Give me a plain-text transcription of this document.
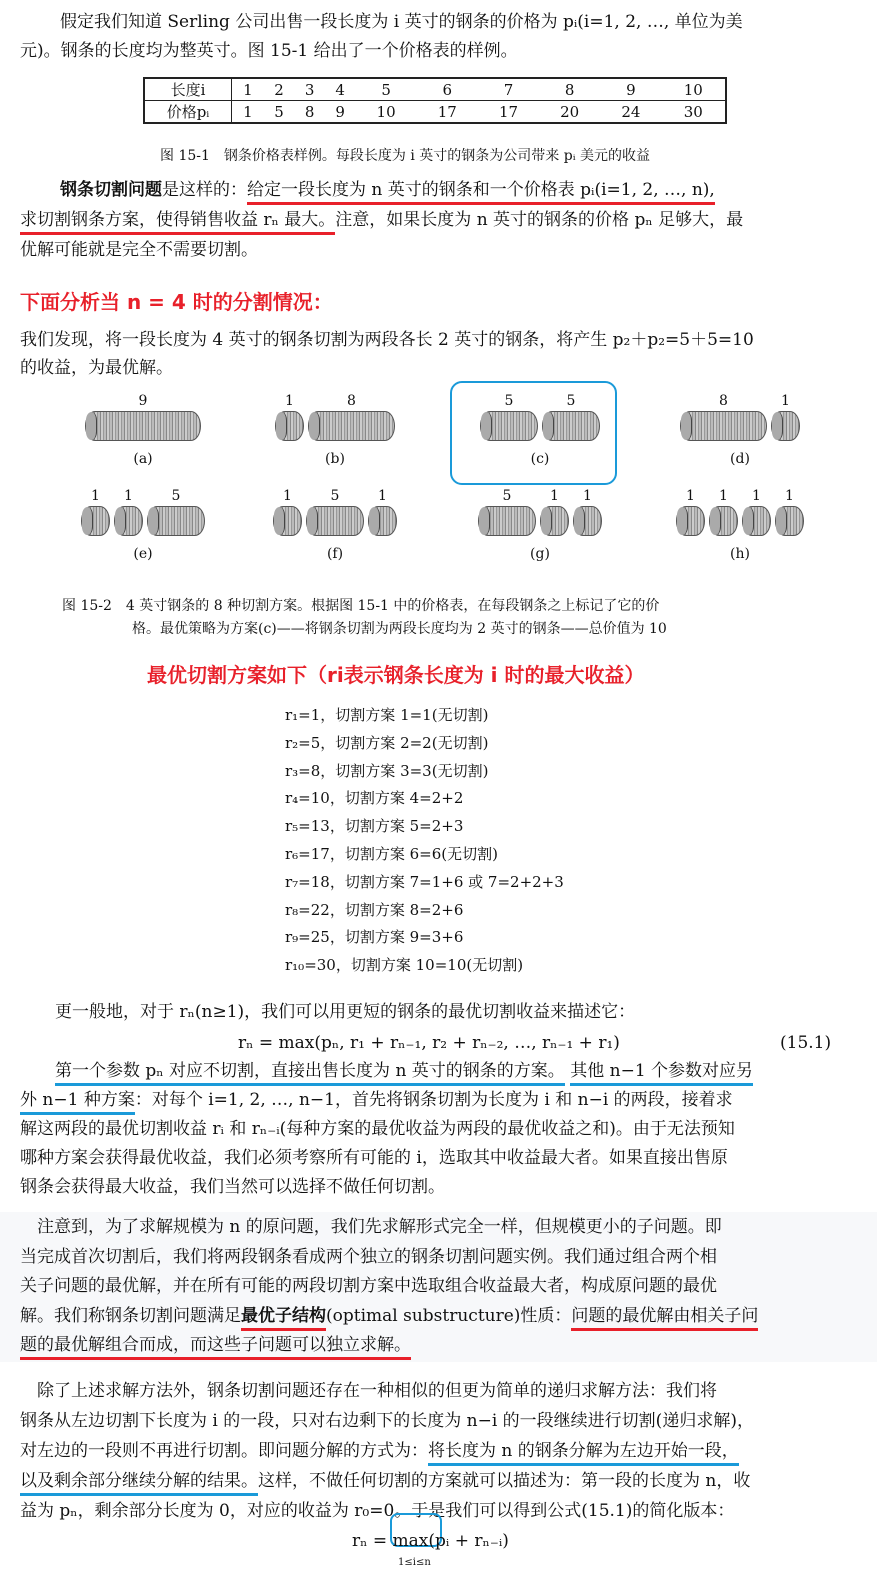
假定我们知道 Serling 公司出售一段长度为 i 英寸的钢条的价格为 pᵢ(i=1, 2, …, 单位为美
元)。钢条的长度均为整英寸。图 15-1 给出了一个价格表的样例。
长度i	1	2	3	4	5	6	7	8	9	10
价格pᵢ	1	5	8	9	10	17	17	20	24	30
图 15-1　钢条价格表样例。每段长度为 i 英寸的钢条为公司带来 pᵢ 美元的收益
钢条切割问题是这样的：给定一段长度为 n 英寸的钢条和一个价格表 pᵢ(i=1, 2, …, n),
求切割钢条方案，使得销售收益 rₙ 最大。注意，如果长度为 n 英寸的钢条的价格 pₙ 足够大，最
优解可能就是完全不需要切割。
下面分析当 n = 4 时的分割情况：
我们发现，将一段长度为 4 英寸的钢条切割为两段各长 2 英寸的钢条，将产生 p₂＋p₂=5＋5=10
的收益，为最优解。
9
(a)
1	8
(b)
5	5
(c)
8	1
(d)
1 1	5
(e)
1	5	1
(f)
5	1 1
(g)
1 1 1 1
(h)
图 15-2　4 英寸钢条的 8 种切割方案。根据图 15-1 中的价格表，在每段钢条之上标记了它的价
格。最优策略为方案(c)——将钢条切割为两段长度均为 2 英寸的钢条——总价值为 10
最优切割方案如下（ri表示钢条长度为 i 时的最大收益）
r₁=1，切割方案 1=1(无切割)
r₂=5，切割方案 2=2(无切割)
r₃=8，切割方案 3=3(无切割)
r₄=10，切割方案 4=2+2
r₅=13，切割方案 5=2+3
r₆=17，切割方案 6=6(无切割)
r₇=18，切割方案 7=1+6 或 7=2+2+3
r₈=22，切割方案 8=2+6
r₉=25，切割方案 9=3+6
r₁₀=30，切割方案 10=10(无切割)
更一般地，对于 rₙ(n≥1)，我们可以用更短的钢条的最优切割收益来描述它：
rₙ = max(pₙ, r₁ + rₙ₋₁, r₂ + rₙ₋₂, …, rₙ₋₁ + r₁)	(15.1)
第一个参数 pₙ 对应不切割，直接出售长度为 n 英寸的钢条的方案。 其他 n−1 个参数对应另
外 n−1 种方案：对每个 i=1, 2, …, n−1，首先将钢条切割为长度为 i 和 n−i 的两段，接着求
解这两段的最优切割收益 rᵢ 和 rₙ₋ᵢ(每种方案的最优收益为两段的最优收益之和)。由于无法预知
哪种方案会获得最优收益，我们必须考察所有可能的 i，选取其中收益最大者。如果直接出售原
钢条会获得最大收益，我们当然可以选择不做任何切割。
　注意到，为了求解规模为 n 的原问题，我们先求解形式完全一样，但规模更小的子问题。即
当完成首次切割后，我们将两段钢条看成两个独立的钢条切割问题实例。我们通过组合两个相
关子问题的最优解，并在所有可能的两段切割方案中选取组合收益最大者，构成原问题的最优
解。我们称钢条切割问题满足最优子结构(optimal substructure)性质：问题的最优解由相关子问
题的最优解组合而成，而这些子问题可以独立求解。
　除了上述求解方法外，钢条切割问题还存在一种相似的但更为简单的递归求解方法：我们将
钢条从左边切割下长度为 i 的一段，只对右边剩下的长度为 n−i 的一段继续进行切割(递归求解)，
对左边的一段则不再进行切割。即问题分解的方式为：将长度为 n 的钢条分解为左边开始一段，
以及剩余部分继续分解的结果。这样，不做任何切割的方案就可以描述为：第一段的长度为 n，收
益为 pₙ，剩余部分长度为 0，对应的收益为 r₀=0。于是我们可以得到公式(15.1)的简化版本：
rₙ = max(pᵢ + rₙ₋ᵢ)
1≤i≤n
